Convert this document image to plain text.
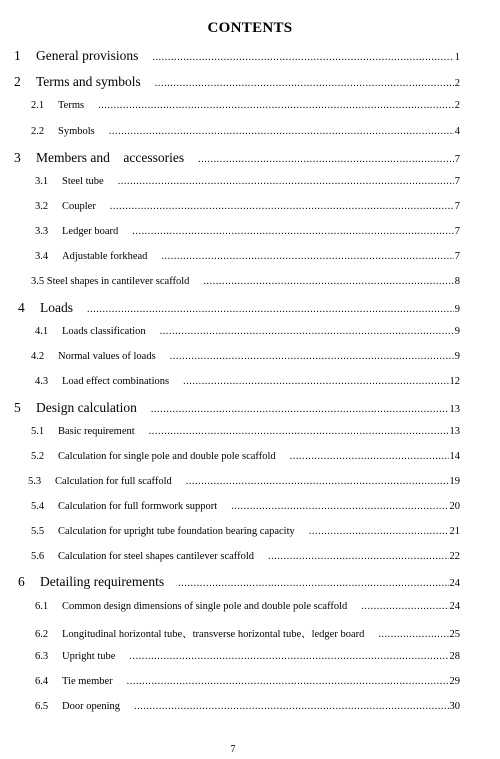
CONTENTS
1	General provisions .....	1
2	Terms and symbols .....	2
2.1	Terms .....	2
2.2	Symbols .....	4
3	Members and    accessories .....	7
3.1	Steel tube .....	7
3.2	Coupler .....	7
3.3	Ledger board .....	7
3.4	Adjustable forkhead .....	7
3.5 Steel shapes in cantilever scaffold .....	8
4	Loads .....	9
4.1	Loads classification .....	9
4.2	Normal values of loads .....	9
4.3	Load effect combinations .....	12
5	Design calculation .....	13
5.1	Basic requirement .....	13
5.2	Calculation for single pole and double pole scaffold .....	14
5.3	Calculation for full scaffold .....	19
5.4	Calculation for full formwork support .....	20
5.5	Calculation for upright tube foundation bearing capacity .....	21
5.6	Calculation for steel shapes cantilever scaffold .....	22
6	Detailing requirements .....	24
6.1	Common design dimensions of single pole and double pole scaffold .....	24
6.2	Longitudinal horizontal tube、transverse horizontal tube、ledger board .....	25
6.3	Upright tube .....	28
6.4	Tie member .....	29
6.5	Door opening .....	30
7
